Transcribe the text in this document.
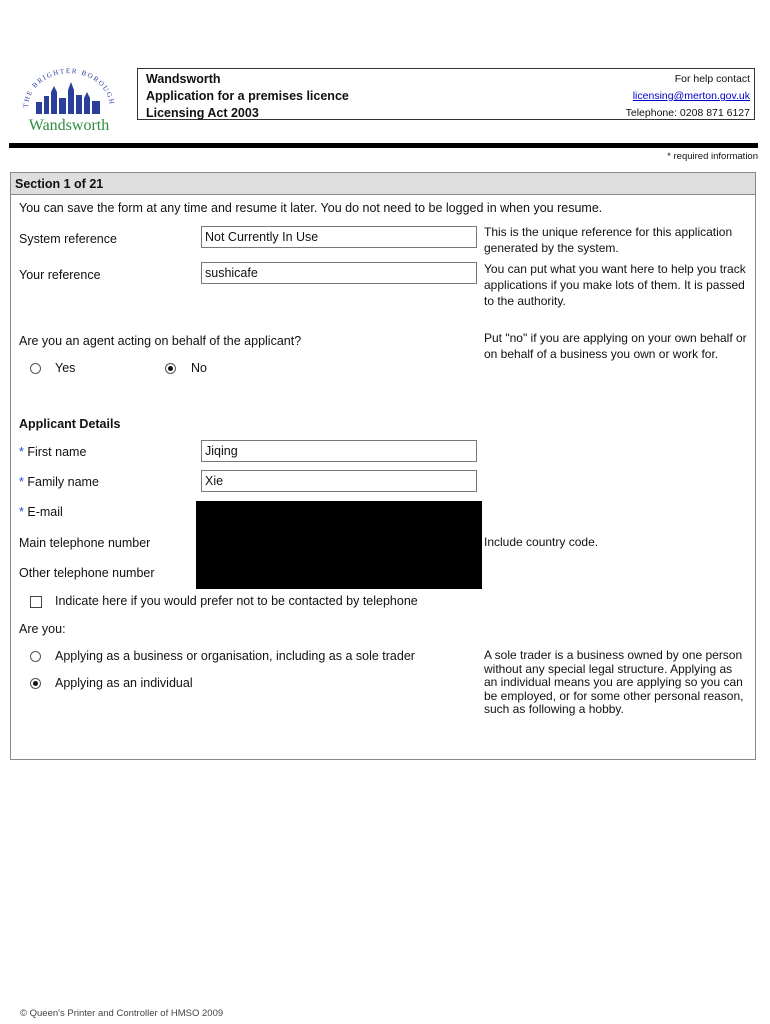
THE BRIGHTER BOROUGH
Wandsworth
Wandsworth
Application for a premises licence
Licensing Act 2003
For help contact
licensing@merton.gov.uk
Telephone: 0208 871 6127
* required information
Section 1 of 21
You can save the form at any time and resume it later. You do not need to be logged in when you resume.
System reference
Not Currently In Use	This is the unique reference for this application generated by the system.
Your reference
sushicafe	You can put what you want here to help you track applications if you make lots of them. It is passed to the authority.
Are you an agent acting on behalf of the applicant?	Put "no" if you are applying on your own behalf or on behalf of a business you own or work for.
Yes	No
Applicant Details
* First name
Jiqing
* Family name
Xie
* E-mail
Main telephone number	Include country code.
Other telephone number
Indicate here if you would prefer not to be contacted by telephone
Are you:
Applying as a business or organisation, including as a sole trader
Applying as an individual
A sole trader is a business owned by one person without any special legal structure. Applying as an individual means you are applying so you can be employed, or for some other personal reason, such as following a hobby.
© Queen's Printer and Controller of HMSO 2009
